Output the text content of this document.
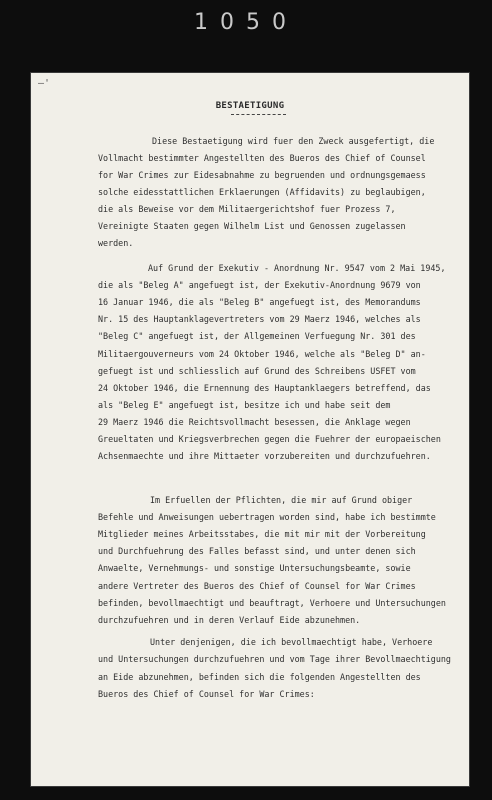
1050
―'
BESTAETIGUNG
Diese Bestaetigung wird fuer den Zweck ausgefertigt, die
Vollmacht bestimmter Angestellten des Bueros des Chief of Counsel
for War Crimes zur Eidesabnahme zu begruenden und ordnungsgemaess
solche eidesstattlichen Erklaerungen (Affidavits) zu beglaubigen,
die als Beweise vor dem Militaergerichtshof fuer Prozess 7,
Vereinigte Staaten gegen Wilhelm List und Genossen zugelassen
werden.
Auf Grund der Exekutiv - Anordnung Nr. 9547 vom 2 Mai 1945,
die als "Beleg A" angefuegt ist, der Exekutiv-Anordnung 9679 von
16 Januar 1946, die als "Beleg B" angefuegt ist, des Memorandums
Nr. 15 des Hauptanklagevertreters vom 29 Maerz 1946, welches als
"Beleg C" angefuegt ist, der Allgemeinen Verfuegung Nr. 301 des
Militaergouverneurs vom 24 Oktober 1946, welche als "Beleg D" an-
gefuegt ist und schliesslich auf Grund des Schreibens USFET vom
24 Oktober 1946, die Ernennung des Hauptanklaegers betreffend, das
als "Beleg E" angefuegt ist, besitze ich und habe seit dem
29 Maerz 1946 die Reichtsvollmacht besessen, die Anklage wegen
Greueltaten und Kriegsverbrechen gegen die Fuehrer der europaeischen
Achsenmaechte und ihre Mittaeter vorzubereiten und durchzufuehren.
Im Erfuellen der Pflichten, die mir auf Grund obiger
Befehle und Anweisungen uebertragen worden sind, habe ich bestimmte
Mitglieder meines Arbeitsstabes, die mit mir mit der Vorbereitung
und Durchfuehrung des Falles befasst sind, und unter denen sich
Anwaelte, Vernehmungs- und sonstige Untersuchungsbeamte, sowie
andere Vertreter des Bueros des Chief of Counsel for War Crimes
befinden, bevollmaechtigt und beauftragt, Verhoere und Untersuchungen
durchzufuehren und in deren Verlauf Eide abzunehmen.
Unter denjenigen, die ich bevollmaechtigt habe, Verhoere
und Untersuchungen durchzufuehren und vom Tage ihrer Bevollmaechtigung
an Eide abzunehmen, befinden sich die folgenden Angestellten des
Bueros des Chief of Counsel for War Crimes:
